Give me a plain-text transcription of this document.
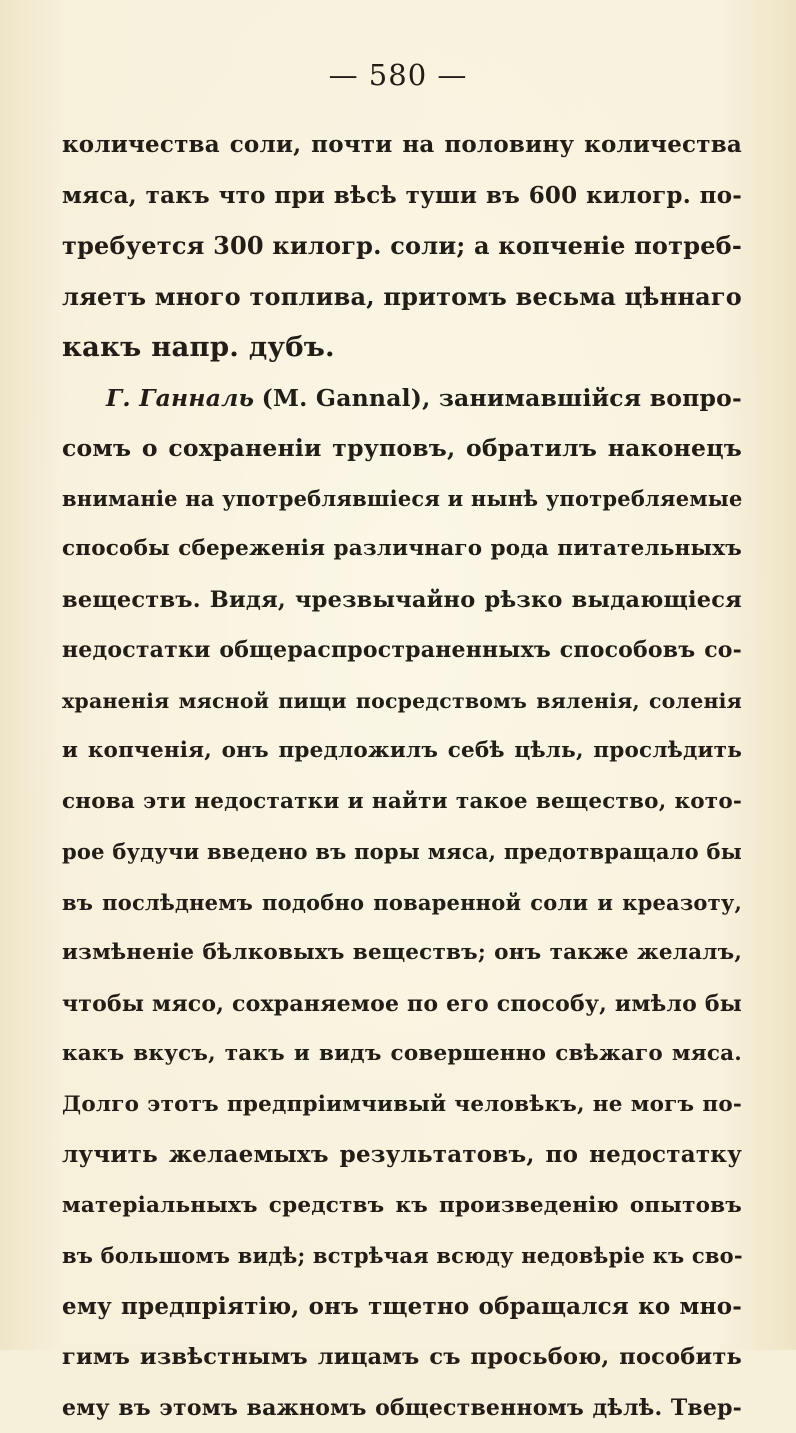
— 580 —
количества соли, почти на половину количества
мяса, такъ что при вѣсѣ туши въ 600 килогр. по-
требуется 300 килогр. соли; а копченіе потреб-
ляетъ много топлива, притомъ весьма цѣннаго
какъ напр. дубъ.
Г. Ганналь (M. Gannal), занимавшійся вопро-
сомъ о сохраненіи труповъ, обратилъ наконецъ
вниманіе на употреблявшіеся и нынѣ употребляемые
способы сбереженія различнаго рода питательныхъ
веществъ. Видя, чрезвычайно рѣзко выдающіеся
недостатки общераспространенныхъ способовъ со-
храненія мясной пищи посредствомъ вяленія, соленія
и копченія, онъ предложилъ себѣ цѣль, прослѣдить
снова эти недостатки и найти такое вещество, кото-
рое будучи введено въ поры мяса, предотвращало бы
въ послѣднемъ подобно поваренной соли и креазоту,
измѣненіе бѣлковыхъ веществъ; онъ также желалъ,
чтобы мясо, сохраняемое по его способу, имѣло бы
какъ вкусъ, такъ и видъ совершенно свѣжаго мяса.
Долго этотъ предпріимчивый человѣкъ, не могъ по-
лучить желаемыхъ результатовъ, по недостатку
матеріальныхъ средствъ къ произведенію опытовъ
въ большомъ видѣ; встрѣчая всюду недовѣріе къ сво-
ему предпріятію, онъ тщетно обращался ко мно-
гимъ извѣстнымъ лицамъ съ просьбою, пособить
ему въ этомъ важномъ общественномъ дѣлѣ. Твер-
